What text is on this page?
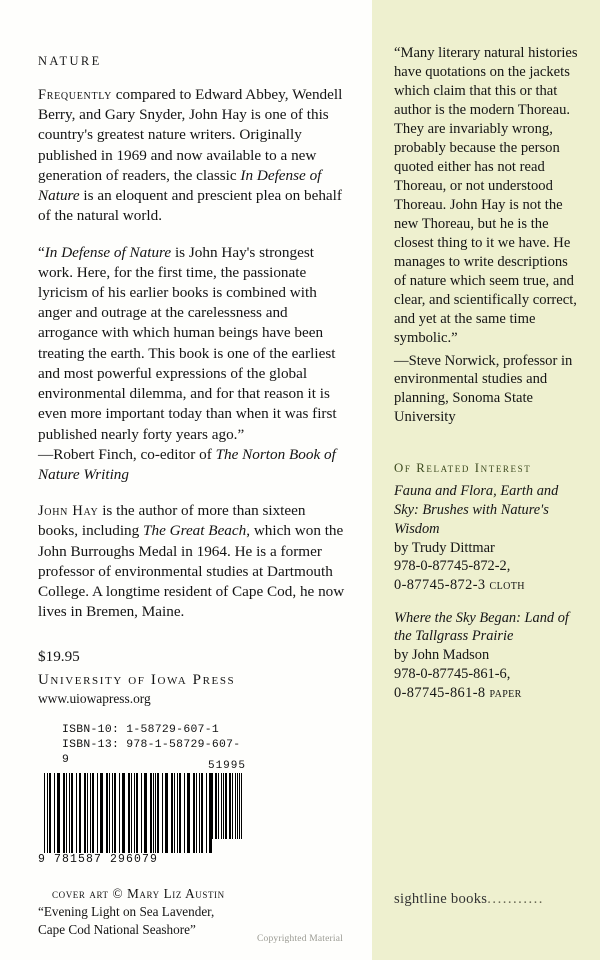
NATURE

Frequently compared to Edward Abbey, Wendell Berry, and Gary Snyder, John Hay is one of this country's greatest nature writers. Originally published in 1969 and now available to a new generation of readers, the classic In Defense of Nature is an eloquent and prescient plea on behalf of the natural world.

“In Defense of Nature is John Hay's strongest work. Here, for the first time, the passionate lyricism of his earlier books is combined with anger and outrage at the carelessness and arrogance with which human beings have been treating the earth. This book is one of the earliest and most powerful expressions of the global environmental dilemma, and for that reason it is even more important today than when it was first published nearly forty years ago.”
—Robert Finch, co-editor of The Norton Book of Nature Writing

John Hay is the author of more than sixteen books, including The Great Beach, which won the John Burroughs Medal in 1964. He is a former professor of environmental studies at Dartmouth College. A longtime resident of Cape Cod, he now lives in Bremen, Maine.

$19.95
University of Iowa Press
www.uiowapress.org
ISBN-10: 1-58729-607-1
ISBN-13: 978-1-58729-607-9	51995
9 781587 296079
cover art © Mary Liz Austin
“Evening Light on Sea Lavender,
Cape Cod National Seashore”

“Many literary natural histories have quotations on the jackets which claim that this or that author is the modern Thoreau. They are invariably wrong, probably because the person quoted either has not read Thoreau, or not understood Thoreau. John Hay is not the new Thoreau, but he is the closest thing to it we have. He manages to write descriptions of nature which seem true, and clear, and scientifically correct, and yet at the same time symbolic.”

—Steve Norwick, professor in environmental studies and planning, Sonoma State University

Of Related Interest
Fauna and Flora, Earth and Sky: Brushes with Nature's Wisdom
by Trudy Dittmar
978-0-87745-872-2,
0-87745-872-3 cloth
Where the Sky Began: Land of the Tallgrass Prairie
by John Madson
978-0-87745-861-6,
0-87745-861-8 paper
sightline books...........
Copyrighted Material
